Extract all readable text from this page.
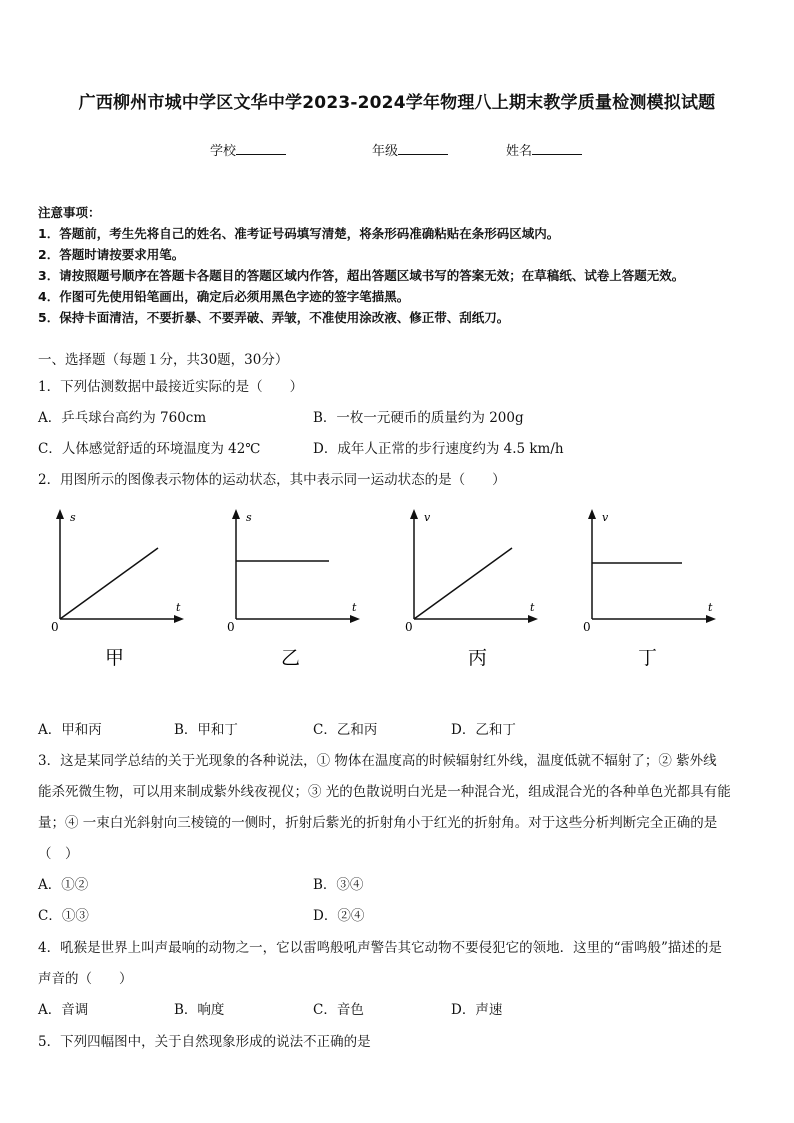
广西柳州市城中学区文华中学2023-2024学年物理八上期末教学质量检测模拟试题
学校	年级	姓名
注意事项：
1．答题前，考生先将自己的姓名、准考证号码填写清楚，将条形码准确粘贴在条形码区域内。
2．答题时请按要求用笔。
3．请按照题号顺序在答题卡各题目的答题区域内作答，超出答题区域书写的答案无效；在草稿纸、试卷上答题无效。
4．作图可先使用铅笔画出，确定后必须用黑色字迹的签字笔描黑。
5．保持卡面清洁，不要折暴、不要弄破、弄皱，不准使用涂改液、修正带、刮纸刀。
一、选择题（每题１分，共30题，30分）
1．下列估测数据中最接近实际的是（　　）
A．乒乓球台高约为 760cm	B．一枚一元硬币的质量约为 200g
C．人体感觉舒适的环境温度为 42℃	D．成年人正常的步行速度约为 4.5 km/h
2．用图所示的图像表示物体的运动状态，其中表示同一运动状态的是（　　）
s
t
0
甲
s
t
0
乙
v
t
0
丙
v
t
0
丁
A．甲和丙	B．甲和丁	C．乙和丙	D．乙和丁
3．这是某同学总结的关于光现象的各种说法，① 物体在温度高的时候辐射红外线，温度低就不辐射了；② 紫外线
能杀死微生物，可以用来制成紫外线夜视仪；③ 光的色散说明白光是一种混合光，组成混合光的各种单色光都具有能
量；④ 一束白光斜射向三棱镜的一侧时，折射后紫光的折射角小于红光的折射角。对于这些分析判断完全正确的是
（　）
A．①②	B．③④
C．①③	D．②④
4．吼猴是世界上叫声最响的动物之一，它以雷鸣般吼声警告其它动物不要侵犯它的领地．这里的“雷鸣般”描述的是
声音的（　　）
A．音调	B．响度	C．音色	D．声速
5．下列四幅图中，关于自然现象形成的说法不正确的是
